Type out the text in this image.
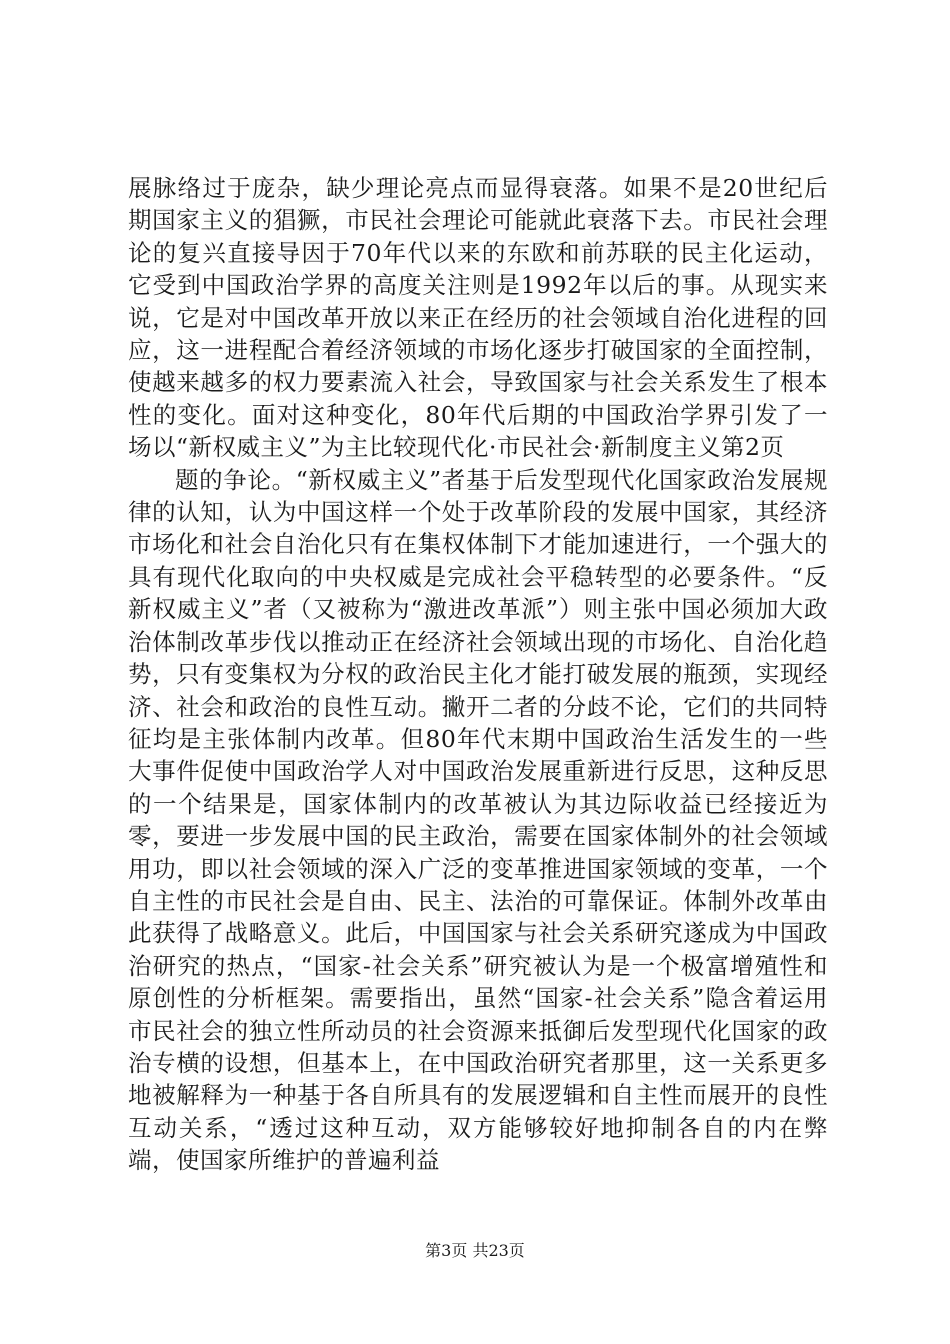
展脉络过于庞杂，缺少理论亮点而显得衰落。如果不是20世纪后期国家主义的猖獗，市民社会理论可能就此衰落下去。市民社会理论的复兴直接导因于70年代以来的东欧和前苏联的民主化运动，它受到中国政治学界的高度关注则是1992年以后的事。从现实来说，它是对中国改革开放以来正在经历的社会领域自治化进程的回应，这一进程配合着经济领域的市场化逐步打破国家的全面控制，使越来越多的权力要素流入社会，导致国家与社会关系发生了根本性的变化。面对这种变化，80年代后期的中国政治学界引发了一场以“新权威主义”为主比较现代化·市民社会·新制度主义第2页

题的争论。“新权威主义”者基于后发型现代化国家政治发展规律的认知，认为中国这样一个处于改革阶段的发展中国家，其经济市场化和社会自治化只有在集权体制下才能加速进行，一个强大的具有现代化取向的中央权威是完成社会平稳转型的必要条件。“反新权威主义”者（又被称为“激进改革派”）则主张中国必须加大政治体制改革步伐以推动正在经济社会领域出现的市场化、自治化趋势，只有变集权为分权的政治民主化才能打破发展的瓶颈，实现经济、社会和政治的良性互动。撇开二者的分歧不论，它们的共同特征均是主张体制内改革。但80年代末期中国政治生活发生的一些大事件促使中国政治学人对中国政治发展重新进行反思，这种反思的一个结果是，国家体制内的改革被认为其边际收益已经接近为零，要进一步发展中国的民主政治，需要在国家体制外的社会领域用功，即以社会领域的深入广泛的变革推进国家领域的变革，一个自主性的市民社会是自由、民主、法治的可靠保证。体制外改革由此获得了战略意义。此后，中国国家与社会关系研究遂成为中国政治研究的热点，“国家-社会关系”研究被认为是一个极富增殖性和原创性的分析框架。需要指出，虽然“国家-社会关系”隐含着运用市民社会的独立性所动员的社会资源来抵御后发型现代化国家的政治专横的设想，但基本上，在中国政治研究者那里，这一关系更多地被解释为一种基于各自所具有的发展逻辑和自主性而展开的良性互动关系，“透过这种互动，双方能够较好地抑制各自的内在弊端，使国家所维护的普遍利益

第3页 共23页
